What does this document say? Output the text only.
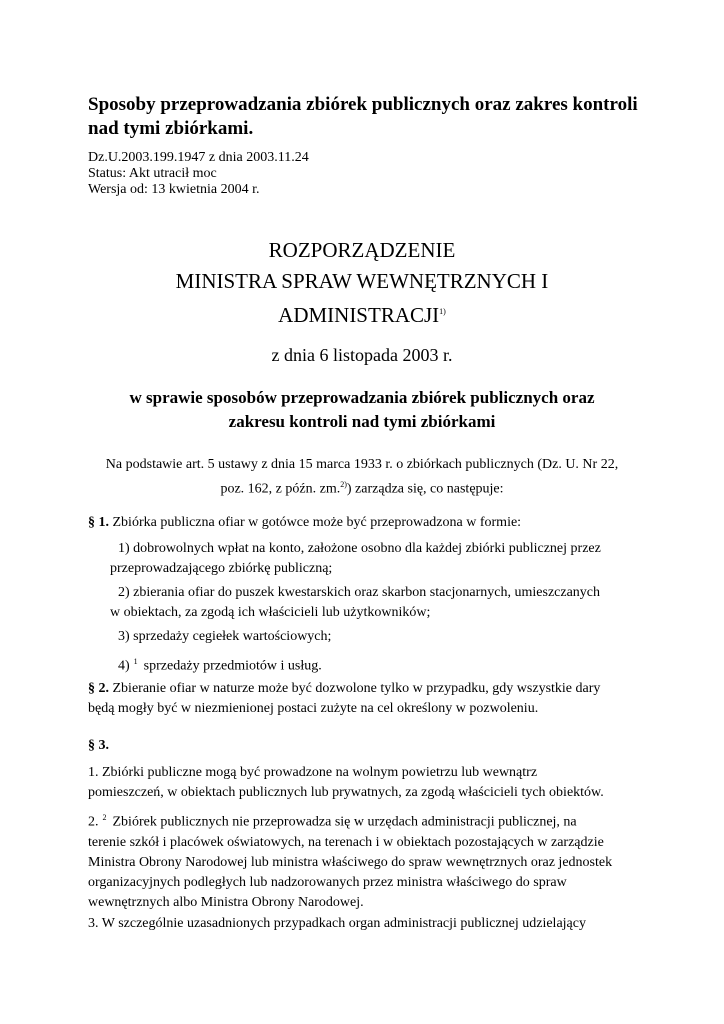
Sposoby przeprowadzania zbiórek publicznych oraz zakres kontroli nad tymi zbiórkami.
Dz.U.2003.199.1947 z dnia 2003.11.24
Status: Akt utracił moc
Wersja od: 13 kwietnia 2004 r.
ROZPORZĄDZENIE
MINISTRA SPRAW WEWNĘTRZNYCH I
ADMINISTRACJI$^{1)}$
z dnia 6 listopada 2003 r.
w sprawie sposobów przeprowadzania zbiórek publicznych oraz
zakresu kontroli nad tymi zbiórkami
Na podstawie art. 5 ustawy z dnia 15 marca 1933 r. o zbiórkach publicznych (Dz. U. Nr 22,
poz. 162, z późn. zm.$^{2)}$) zarządza się, co następuje:
§ 1. Zbiórka publiczna ofiar w gotówce może być przeprowadzona w formie:
1) dobrowolnych wpłat na konto, założone osobno dla każdej zbiórki publicznej przez
przeprowadzającego zbiórkę publiczną;
2) zbierania ofiar do puszek kwestarskich oraz skarbon stacjonarnych, umieszczanych
w obiektach, za zgodą ich właścicieli lub użytkowników;
3) sprzedaży cegiełek wartościowych;
4) $^1$ sprzedaży przedmiotów i usług.
§ 2. Zbieranie ofiar w naturze może być dozwolone tylko w przypadku, gdy wszystkie dary
będą mogły być w niezmienionej postaci zużyte na cel określony w pozwoleniu.
§ 3.
1. Zbiórki publiczne mogą być prowadzone na wolnym powietrzu lub wewnątrz
pomieszczeń, w obiektach publicznych lub prywatnych, za zgodą właścicieli tych obiektów.
2. $^2$ Zbiórek publicznych nie przeprowadza się w urzędach administracji publicznej, na
terenie szkół i placówek oświatowych, na terenach i w obiektach pozostających w zarządzie
Ministra Obrony Narodowej lub ministra właściwego do spraw wewnętrznych oraz jednostek
organizacyjnych podległych lub nadzorowanych przez ministra właściwego do spraw
wewnętrznych albo Ministra Obrony Narodowej.
3. W szczególnie uzasadnionych przypadkach organ administracji publicznej udzielający
